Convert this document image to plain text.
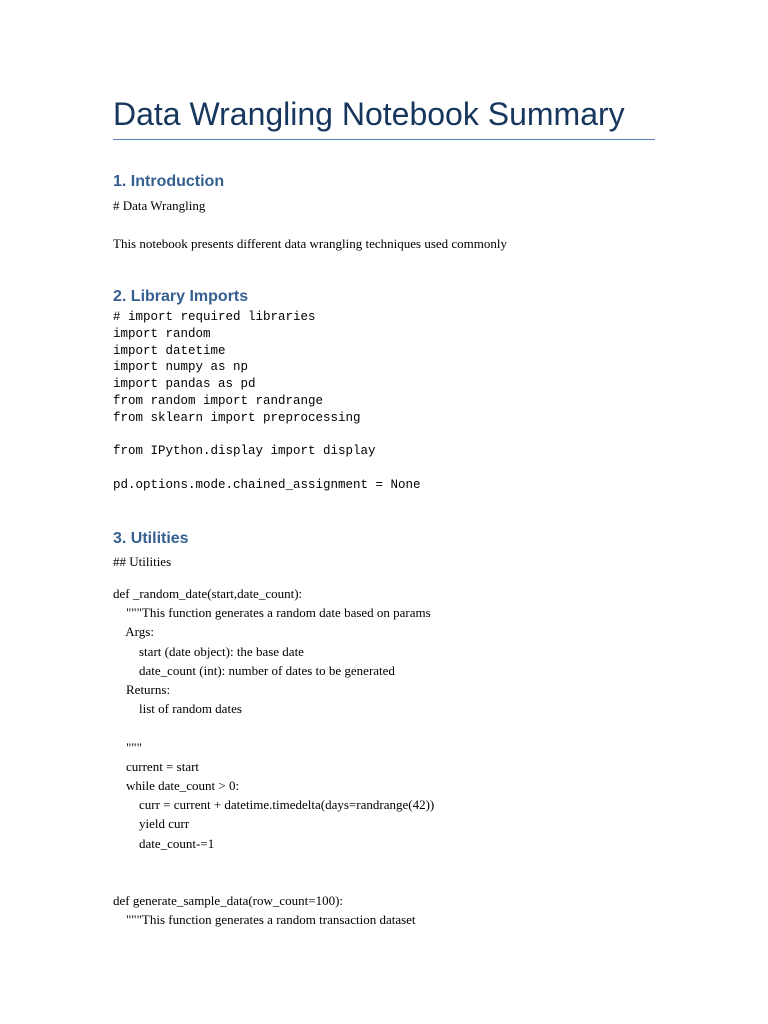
Data Wrangling Notebook Summary
1. Introduction
# Data Wrangling
This notebook presents different data wrangling techniques used commonly
2. Library Imports
# import required libraries
import random
import datetime
import numpy as np
import pandas as pd
from random import randrange
from sklearn import preprocessing

from IPython.display import display

pd.options.mode.chained_assignment = None
3. Utilities
## Utilities
def _random_date(start,date_count):
"""This function generates a random date based on params
Args:
start (date object): the base date
date_count (int): number of dates to be generated
Returns:
list of random dates

"""
current = start
while date_count > 0:
curr = current + datetime.timedelta(days=randrange(42))
yield curr
date_count-=1

def generate_sample_data(row_count=100):
"""This function generates a random transaction dataset
